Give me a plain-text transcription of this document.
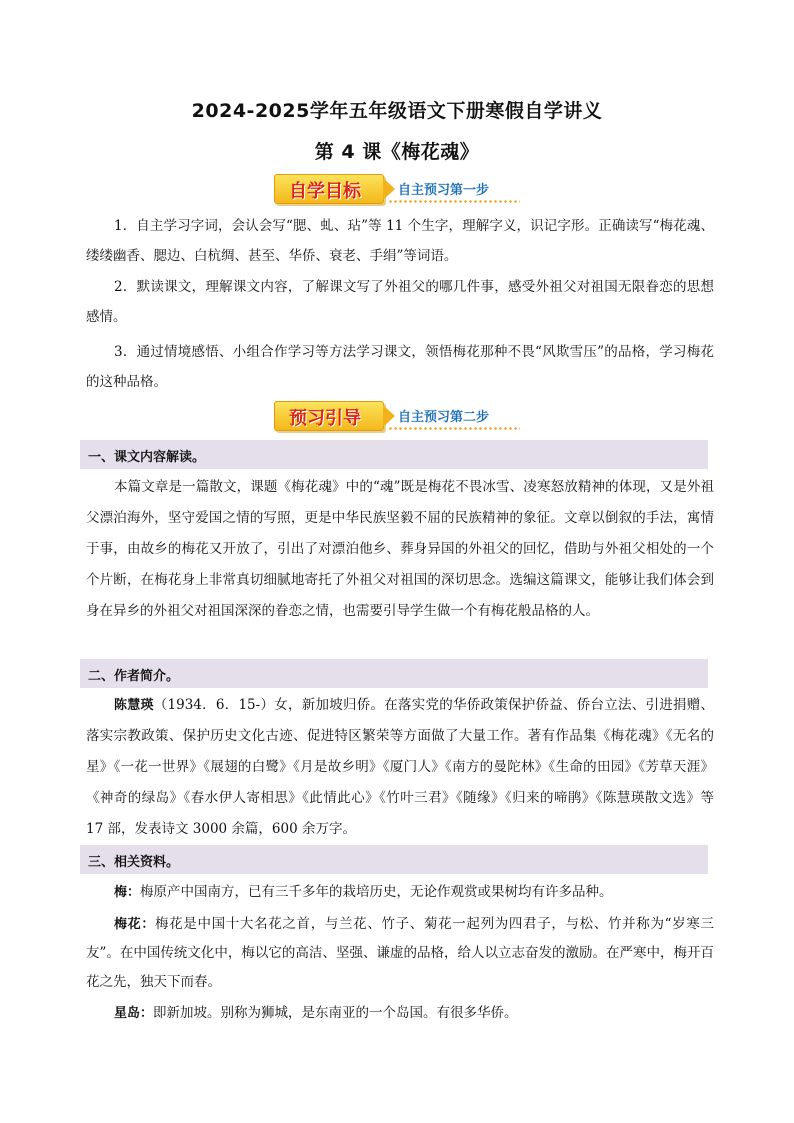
2024-2025学年五年级语文下册寒假自学讲义
第 4 课《梅花魂》
自学目标	自主预习第一步
1．自主学习字词，会认会写“腮、虬、玷”等 11 个生字，理解字义，识记字形。正确读写“梅花魂、缕缕幽香、腮边、白杭绸、甚至、华侨、衰老、手绢”等词语。
2．默读课文，理解课文内容，了解课文写了外祖父的哪几件事，感受外祖父对祖国无限眷恋的思想感情。
3．通过情境感悟、小组合作学习等方法学习课文，领悟梅花那种不畏“风欺雪压”的品格，学习梅花的这种品格。
预习引导	自主预习第二步
一、课文内容解读。
本篇文章是一篇散文，课题《梅花魂》中的“魂”既是梅花不畏冰雪、凌寒怒放精神的体现，又是外祖父漂泊海外，坚守爱国之情的写照，更是中华民族坚毅不屈的民族精神的象征。文章以倒叙的手法，寓情于事，由故乡的梅花又开放了，引出了对漂泊他乡、葬身异国的外祖父的回忆，借助与外祖父相处的一个个片断，在梅花身上非常真切细腻地寄托了外祖父对祖国的深切思念。选编这篇课文，能够让我们体会到身在异乡的外祖父对祖国深深的眷恋之情，也需要引导学生做一个有梅花般品格的人。
二、作者简介。
陈慧瑛（1934．6．15-）女，新加坡归侨。在落实党的华侨政策保护侨益、侨台立法、引进捐赠、落实宗教政策、保护历史文化古迹、促进特区繁荣等方面做了大量工作。著有作品集《梅花魂》《无名的星》《一花一世界》《展翅的白鹭》《月是故乡明》《厦门人》《南方的曼陀林》《生命的田园》《芳草天涯》《神奇的绿岛》《春水伊人寄相思》《此情此心》《竹叶三君》《随缘》《归来的啼鹃》《陈慧瑛散文选》等 17 部，发表诗文 3000 余篇，600 余万字。
三、相关资料。
梅：梅原产中国南方，已有三千多年的栽培历史，无论作观赏或果树均有许多品种。
梅花：梅花是中国十大名花之首，与兰花、竹子、菊花一起列为四君子，与松、竹并称为“岁寒三友”。在中国传统文化中，梅以它的高洁、坚强、谦虚的品格，给人以立志奋发的激励。在严寒中，梅开百花之先，独天下而春。
星岛：即新加坡。别称为狮城，是东南亚的一个岛国。有很多华侨。
